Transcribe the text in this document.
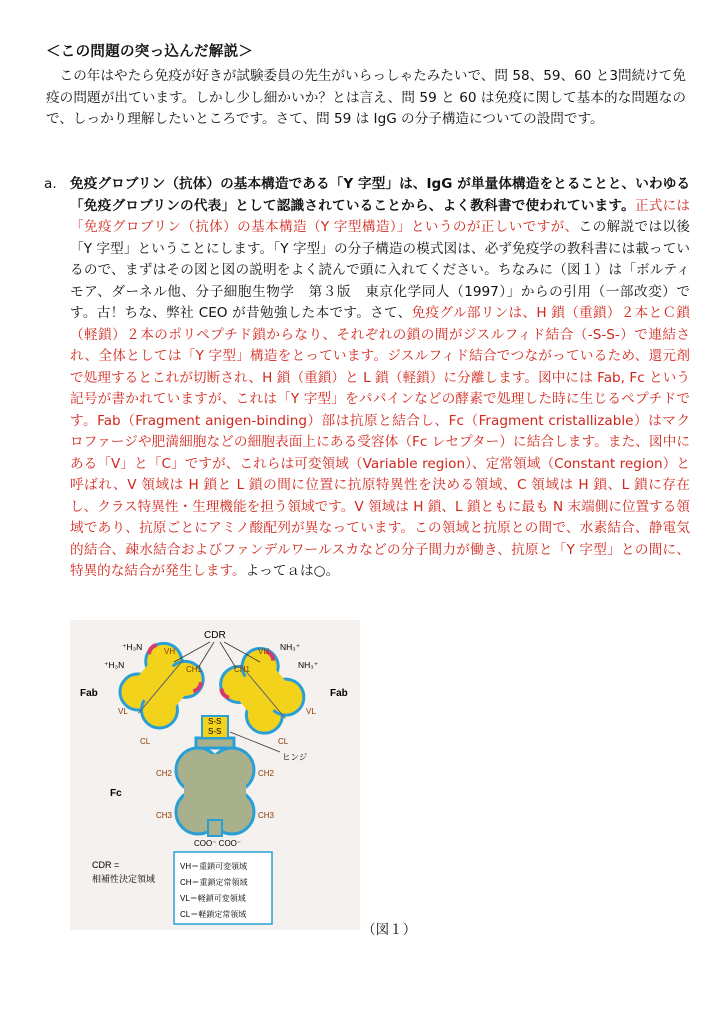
＜この問題の突っ込んだ解説＞
この年はやたら免疫が好きが試験委員の先生がいらっしゃたみたいで、問 58、59、60 と3問続けて免疫の問題が出ています。しかし少し細かいか？とは言え、問 59 と 60 は免疫に関して基本的な問題なので、しっかり理解したいところです。さて、問 59 は IgG の分子構造についての設問です。
a. 免疫グロブリン（抗体）の基本構造である「Y 字型」は、IgG が単量体構造をとることと、いわゆる「免疫グロブリンの代表」として認識されていることから、よく教科書で使われています。正式には「免疫グロブリン（抗体）の基本構造（Y 字型構造）」というのが正しいですが、この解説では以後「Y 字型」ということにします。「Y 字型」の分子構造の模式図は、必ず免疫学の教科書には載っているので、まずはその図と図の説明をよく読んで頭に入れてください。ちなみに（図１）は「ボルティモア、ダーネル他、分子細胞生物学　第３版　東京化学同人（1997）」からの引用（一部改変）です。古！ちな、弊社 CEO が昔勉強した本です。さて、免疫グル部リンは、H 鎖（重鎖）２本とＣ鎖（軽鎖）２本のポリペプチド鎖からなり、それぞれの鎖の間がジスルフィド結合（-S-S-）で連結され、全体としては「Y 字型」構造をとっています。ジスルフィド結合でつながっているため、還元剤で処理するとこれが切断され、H 鎖（重鎖）と L 鎖（軽鎖）に分離します。図中には Fab, Fc という記号が書かれていますが、これは「Y 字型」をパパインなどの酵素で処理した時に生じるペプチドです。Fab（Fragment anigen-binding）部は抗原と結合し、Fc（Fragment cristallizable）はマクロファージや肥満細胞などの細胞表面上にある受容体（Fc レセプター）に結合します。また、図中にある「V」と「C」ですが、これらは可変領域（Variable region）、定常領域（Constant region）と呼ばれ、V 領域は H 鎖と L 鎖の間に位置に抗原特異性を決める領域、C 領域は H 鎖、L 鎖に存在し、クラス特異性・生理機能を担う領域です。V 領域は H 鎖、L 鎖ともに最も N 末端側に位置する領域であり、抗原ごとにアミノ酸配列が異なっています。この領域と抗原との間で、水素結合、静電気的結合、疎水結合およびファンデルワールスカなどの分子間力が働き、抗原と「Y 字型」との間に、特異的な結合が発生します。よってａは○。
CDR
⁺H₃N
⁺H₃N
NH₃⁺
NH₃⁺
VH	VH
CH1	CH1
VL	VL
CL	CL
Fab	Fab
S-S
S-S
ヒンジ
CH2	CH2
CH3	CH3
Fc
COO⁻ COO⁻
CDR =
相補性決定領域
VH＝重鎖可変領域
CH＝重鎖定常領域
VL＝軽鎖可変領域
CL＝軽鎖定常領域
（図１）
